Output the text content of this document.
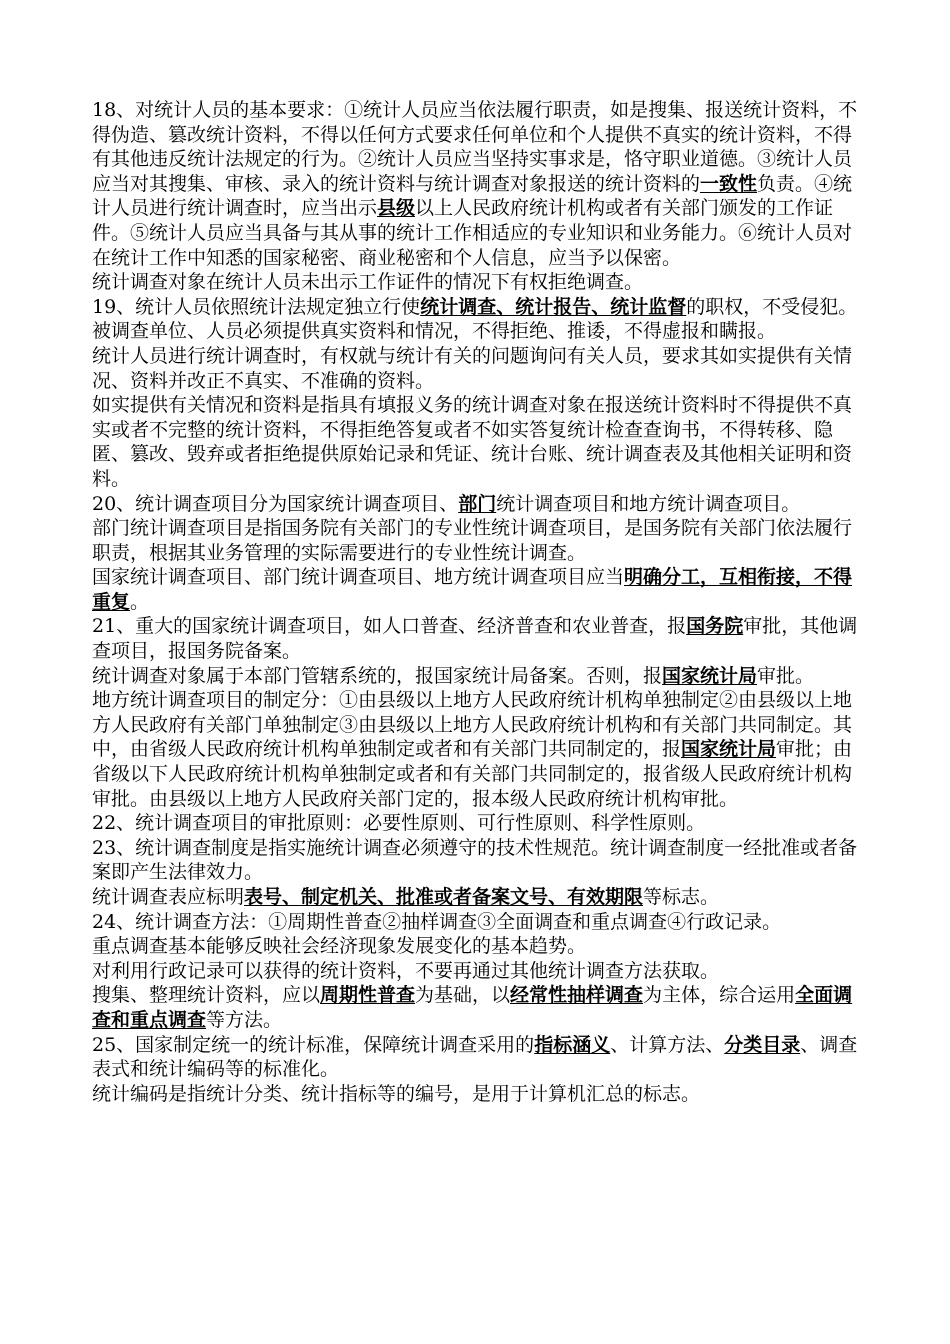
18、对统计人员的基本要求：①统计人员应当依法履行职责，如是搜集、报送统计资料，不得伪造、篡改统计资料，不得以任何方式要求任何单位和个人提供不真实的统计资料，不得有其他违反统计法规定的行为。②统计人员应当坚持实事求是，恪守职业道德。③统计人员应当对其搜集、审核、录入的统计资料与统计调查对象报送的统计资料的一致性负责。④统计人员进行统计调查时，应当出示县级以上人民政府统计机构或者有关部门颁发的工作证件。⑤统计人员应当具备与其从事的统计工作相适应的专业知识和业务能力。⑥统计人员对在统计工作中知悉的国家秘密、商业秘密和个人信息，应当予以保密。

统计调查对象在统计人员未出示工作证件的情况下有权拒绝调查。

19、统计人员依照统计法规定独立行使统计调查、统计报告、统计监督的职权，不受侵犯。

被调查单位、人员必须提供真实资料和情况，不得拒绝、推诿，不得虚报和瞒报。

统计人员进行统计调查时，有权就与统计有关的问题询问有关人员，要求其如实提供有关情况、资料并改正不真实、不准确的资料。

如实提供有关情况和资料是指具有填报义务的统计调查对象在报送统计资料时不得提供不真实或者不完整的统计资料，不得拒绝答复或者不如实答复统计检查查询书，不得转移、隐匿、篡改、毁弃或者拒绝提供原始记录和凭证、统计台账、统计调查表及其他相关证明和资料。

20、统计调查项目分为国家统计调查项目、部门统计调查项目和地方统计调查项目。

部门统计调查项目是指国务院有关部门的专业性统计调查项目，是国务院有关部门依法履行职责，根据其业务管理的实际需要进行的专业性统计调查。

国家统计调查项目、部门统计调查项目、地方统计调查项目应当明确分工，互相衔接，不得重复。

21、重大的国家统计调查项目，如人口普查、经济普查和农业普查，报国务院审批，其他调查项目，报国务院备案。

统计调查对象属于本部门管辖系统的，报国家统计局备案。否则，报国家统计局审批。

地方统计调查项目的制定分：①由县级以上地方人民政府统计机构单独制定②由县级以上地方人民政府有关部门单独制定③由县级以上地方人民政府统计机构和有关部门共同制定。其中，由省级人民政府统计机构单独制定或者和有关部门共同制定的，报国家统计局审批；由省级以下人民政府统计机构单独制定或者和有关部门共同制定的，报省级人民政府统计机构审批。由县级以上地方人民政府关部门定的，报本级人民政府统计机构审批。

22、统计调查项目的审批原则：必要性原则、可行性原则、科学性原则。

23、统计调查制度是指实施统计调查必须遵守的技术性规范。统计调查制度一经批准或者备案即产生法律效力。

统计调查表应标明表号、制定机关、批准或者备案文号、有效期限等标志。

24、统计调查方法：①周期性普查②抽样调查③全面调查和重点调查④行政记录。

重点调查基本能够反映社会经济现象发展变化的基本趋势。

对利用行政记录可以获得的统计资料，不要再通过其他统计调查方法获取。

搜集、整理统计资料，应以周期性普查为基础，以经常性抽样调查为主体，综合运用全面调查和重点调查等方法。

25、国家制定统一的统计标准，保障统计调查采用的指标涵义、计算方法、分类目录、调查表式和统计编码等的标准化。

统计编码是指统计分类、统计指标等的编号，是用于计算机汇总的标志。
